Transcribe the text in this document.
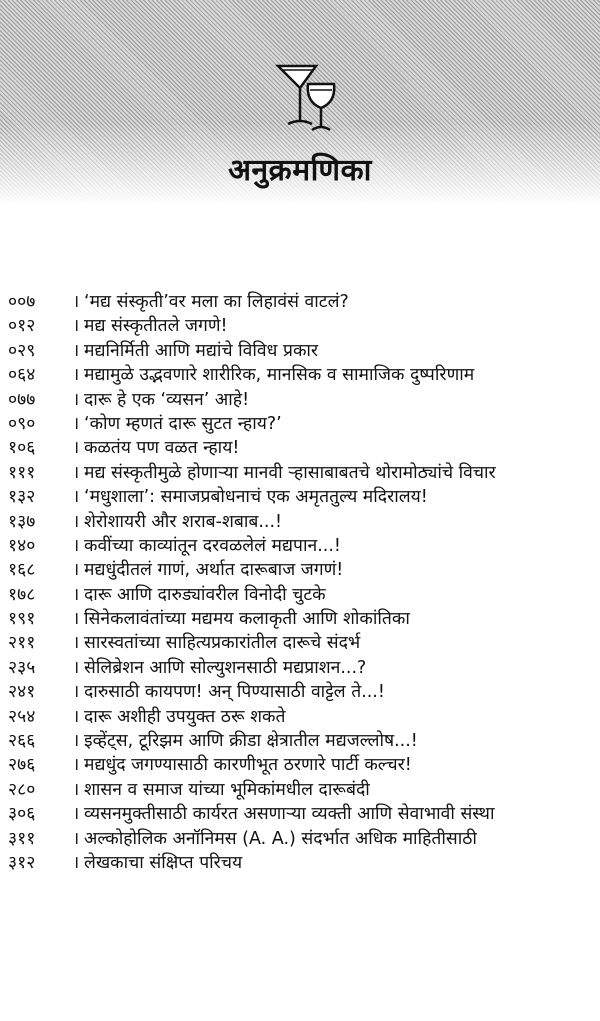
अनुक्रमणिका
००७	। ‘मद्य संस्कृती’वर मला का लिहावंसं वाटलं?
०१२	। मद्य संस्कृतीतले जगणे!
०२९	। मद्यनिर्मिती आणि मद्यांचे विविध प्रकार
०६४	। मद्यामुळे उद्भवणारे शारीरिक, मानसिक व सामाजिक दुष्परिणाम
०७७	। दारू हे एक ‘व्यसन’ आहे!
०९०	। ‘कोण म्हणतं दारू सुटत न्हाय?’
१०६	। कळतंय पण वळत न्हाय!
१११	। मद्य संस्कृतीमुळे होणाऱ्या मानवी ऱ्हासाबाबतचे थोरामोठ्यांचे विचार
१३२	। ‘मधुशाला’: समाजप्रबोधनाचं एक अमृततुल्य मदिरालय!
१३७	। शेरोशायरी और शराब-शबाब...!
१४०	। कवींच्या काव्यांतून दरवळलेलं मद्यपान...!
१६८	। मद्यधुंदीतलं गाणं, अर्थात दारूबाज जगणं!
१७८	। दारू आणि दारुड्यांवरील विनोदी चुटके
१९१	। सिनेकलावंतांच्या मद्यमय कलाकृती आणि शोकांतिका
२११	। सारस्वतांच्या साहित्यप्रकारांतील दारूचे संदर्भ
२३५	। सेलिब्रेशन आणि सोल्युशनसाठी मद्यप्राशन...?
२४१	। दारुसाठी कायपण! अन् पिण्यासाठी वाट्टेल ते...!
२५४	। दारू अशीही उपयुक्त ठरू शकते
२६६	। इव्हेंट्स, टूरिझम आणि क्रीडा क्षेत्रातील मद्यजल्लोष...!
२७६	। मद्यधुंद जगण्यासाठी कारणीभूत ठरणारे पार्टी कल्चर!
२८०	। शासन व समाज यांच्या भूमिकांमधील दारूबंदी
३०६	। व्यसनमुक्तीसाठी कार्यरत असणाऱ्या व्यक्ती आणि सेवाभावी संस्था
३११	। अल्कोहोलिक अनॉनिमस (A. A.) संदर्भात अधिक माहितीसाठी
३१२	। लेखकाचा संक्षिप्त परिचय
